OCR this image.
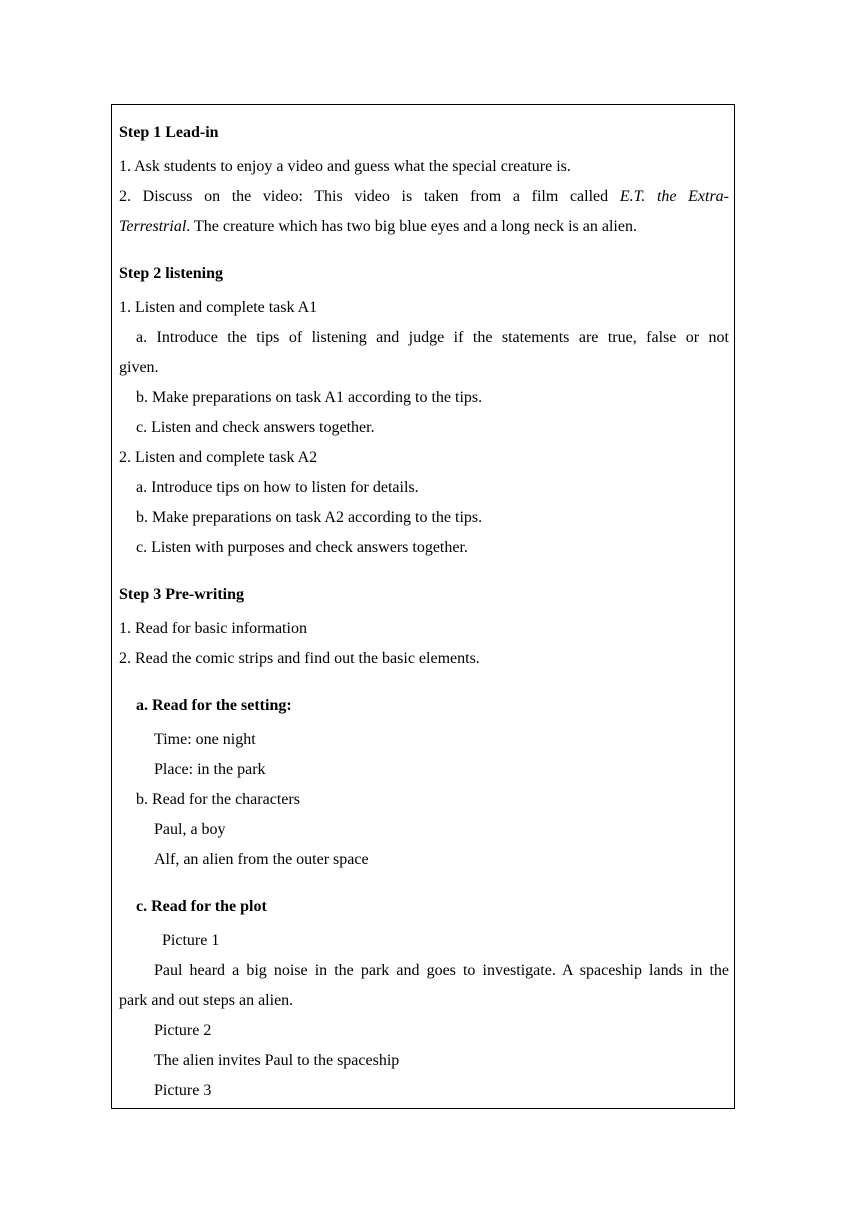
Step 1 Lead-in
1. Ask students to enjoy a video and guess what the special creature is.
2. Discuss on the video: This video is taken from a film called E.T. the Extra-
Terrestrial. The creature which has two big blue eyes and a long neck is an alien.
Step 2 listening
1. Listen and complete task A1
a. Introduce the tips of listening and judge if the statements are true, false or not
given.
b. Make preparations on task A1 according to the tips.
c. Listen and check answers together.
2. Listen and complete task A2
a. Introduce tips on how to listen for details.
b. Make preparations on task A2 according to the tips.
c. Listen with purposes and check answers together.
Step 3 Pre-writing
1. Read for basic information
2. Read the comic strips and find out the basic elements.
a. Read for the setting:
Time: one night
Place: in the park
b. Read for the characters
Paul, a boy
Alf, an alien from the outer space
c. Read for the plot
Picture 1
Paul heard a big noise in the park and goes to investigate. A spaceship lands in the
park and out steps an alien.
Picture 2
The alien invites Paul to the spaceship
Picture 3
